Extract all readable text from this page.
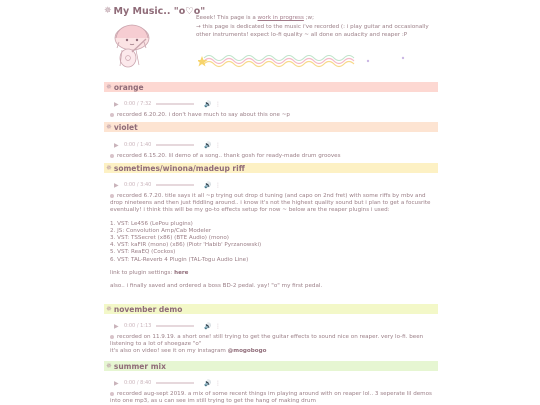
✵ My Music.. "o♡o"
Eeeek! This page is a work in progress ;w;
→ this page is dedicated to the music i've recorded (: i play guitar and occasionally other instruments! expect lo-fi quality ~ all done on audacity and reaper :P
✵ orange
▶	0:00 / 7:32	🔊 ⋮
recorded 6.20.20. i don't have much to say about this one ~p
✵ violet
▶	0:00 / 1:40	🔊 ⋮
recorded 6.15.20. lil demo of a song.. thank gosh for ready-made drum grooves
✵ sometimes/winona/madeup riff
▶	0:00 / 3:40	🔊 ⋮
recorded 6.7.20. title says it all ~p trying out drop d tuning (and capo on 2nd fret) with some riffs by mbv and drop nineteens and then just fiddling around.. i know it's not the highest quality sound but i plan to get a focusrite eventually! i think this will be my go-to effects setup for now ~ below are the reaper plugins i used:
1. VST: Le456 (LePou plugins)
2. JS: Convolution Amp/Cab Modeler
3. VST: TSSecret (x86) (BTE Audio) (mono)
4. VST: kaFIR (mono) (x86) (Piotr 'Habib' Pyrzanowski)
5. VST: ReaEQ (Cockos)
6. VST: TAL-Reverb 4 Plugin (TAL-Togu Audio Line)
link to plugin settings: here
also.. i finally saved and ordered a boss BD-2 pedal. yay! "o" my first pedal.
✵ november demo
▶	0:00 / 1:13	🔊 ⋮
recorded on 11.9.19. a short one! still trying to get the guitar effects to sound nice on reaper. very lo-fi. been listening to a lot of shoegaze "o"
it's also on video! see it on my instagram @mogobogo
✵ summer mix
▶	0:00 / 8:40	🔊 ⋮
recorded aug-sept 2019. a mix of some recent things im playing around with on reaper lol.. 3 seperate lil demos into one mp3, as u can see im still trying to get the hang of making drum
